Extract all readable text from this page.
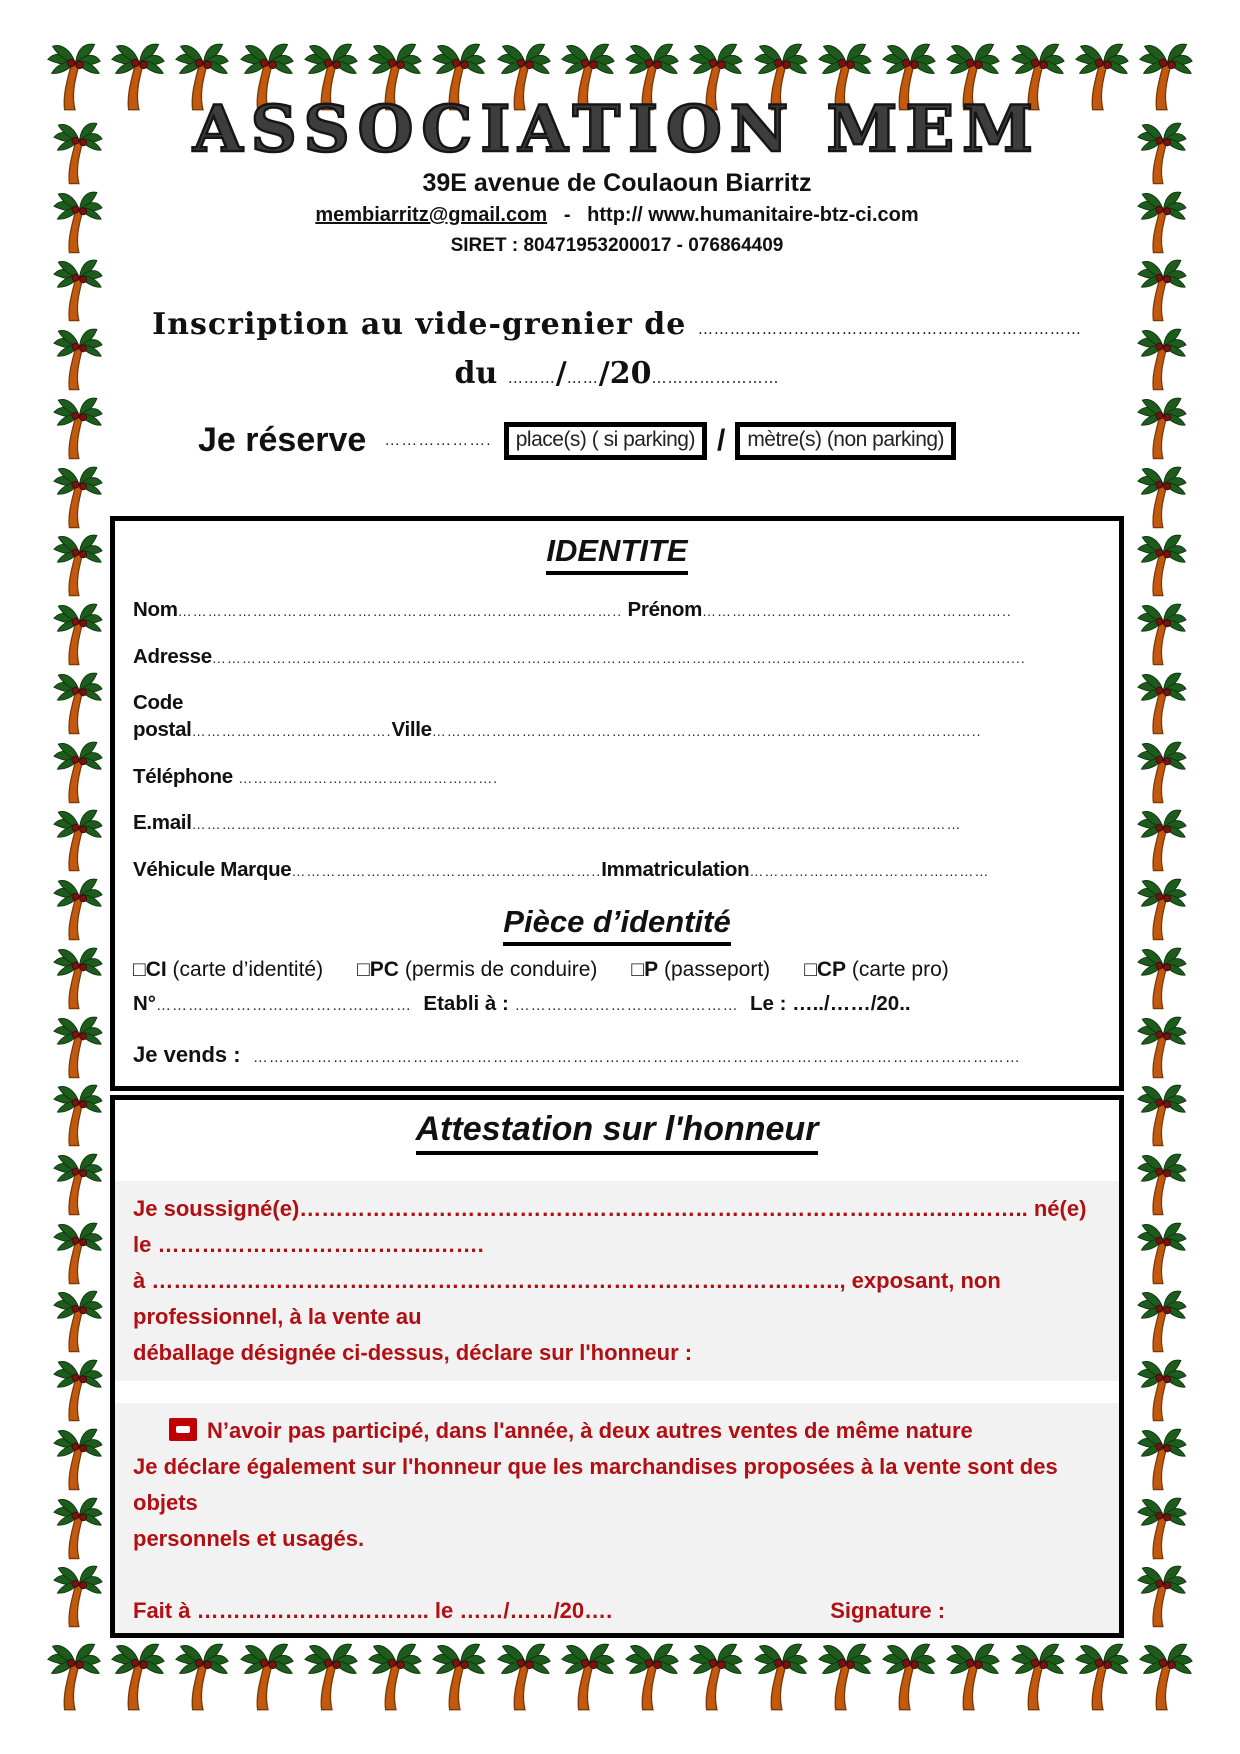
ASSOCIATION MEM
39E avenue de Coulaoun Biarritz
membiarritz@gmail.com - http:// www.humanitaire-btz-ci.com
SIRET : 80471953200017 - 076864409
Inscription au vide-grenier de ………………………………………………………………
du ………/……/20……………………
Je réserve ……………….	place(s) ( si parking) /	mètre(s) (non parking)
IDENTITE
Nom………………………………………………….……..………………….. Prénom……………………………………………………..
Adresse………………………………………………………………………………………………………………………………………..........
Code
postal………………………………….Ville………………………………………………………………………………………………..
Téléphone …………………………………………….
E.mail………………………………………………………………………………………………………………………………….……
Véhicule Marque……………………………………………………..Immatriculation…………………………………………
Pièce d’identité
□CI (carte d’identité) □PC (permis de conduire) □P (passeport) □CP (carte pro)
N°………………………………………… Etabli à : …………………………………… Le : …../……/20..
Je vends : ………………………………………………………………………………………………………………………………
Attestation sur l'honneur
Je soussigné(e)………………………………………………………………………….….……….. né(e) le ………………………………..…….
à …………………………………………………………………………………., exposant, non professionnel, à la vente au
déballage désignée ci-dessus, déclare sur l'honneur :
N’avoir pas participé, dans l'année, à deux autres ventes de même nature
Je déclare également sur l'honneur que les marchandises proposées à la vente sont des objets
personnels et usagés.
Fait à ………………………….. le ……/……/20….	Signature :
